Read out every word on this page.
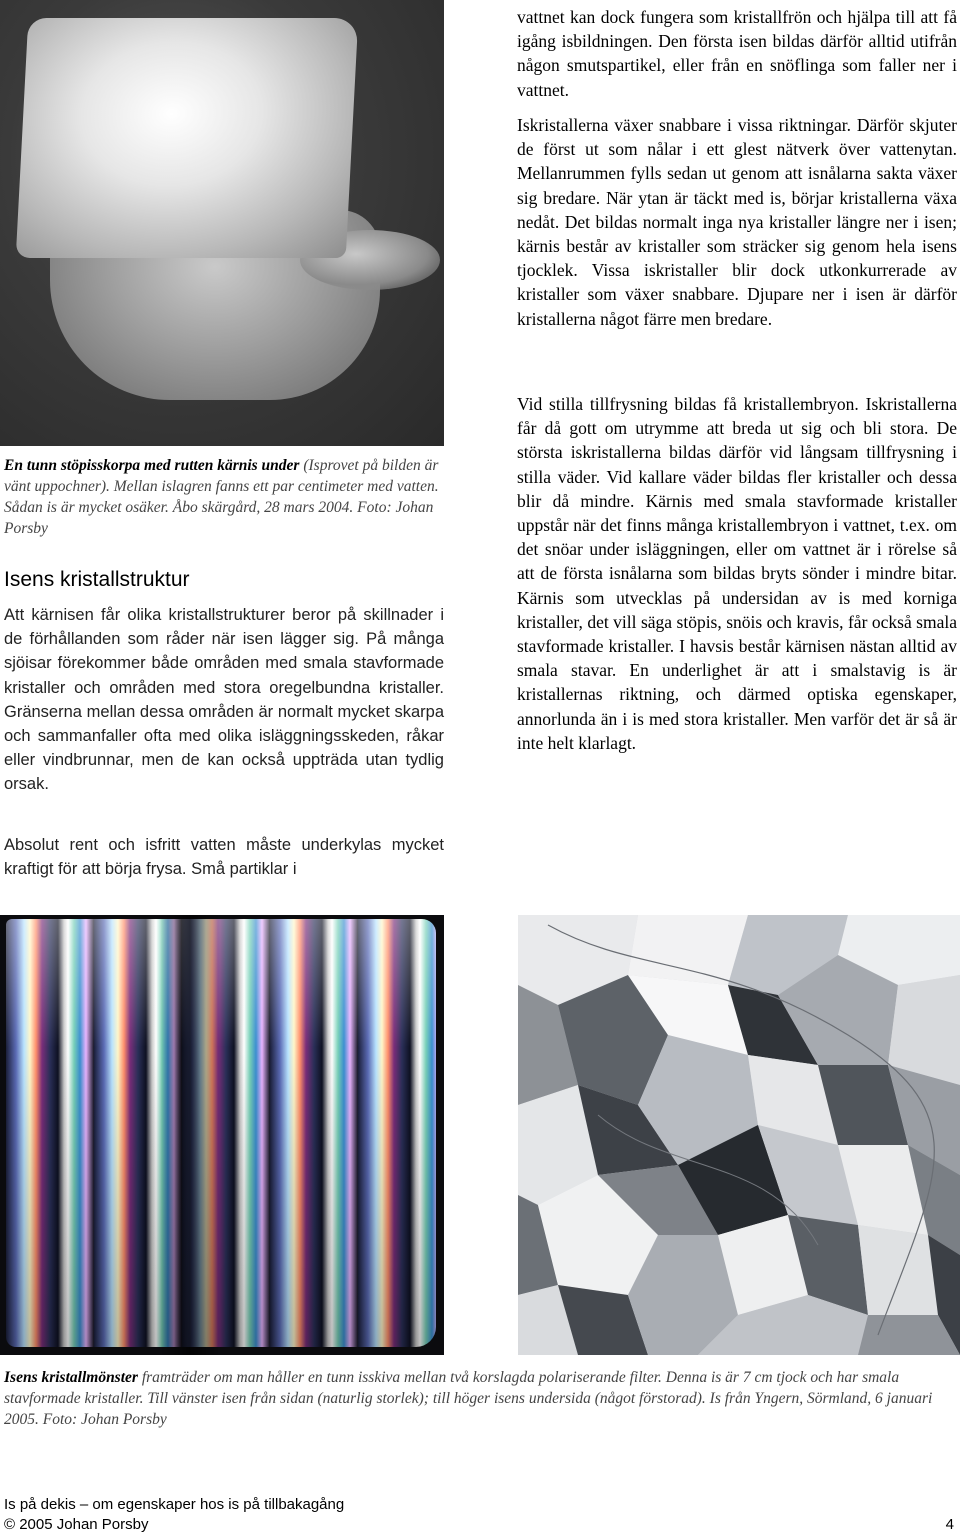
En tunn stöpisskorpa med rutten kärnis under (Isprovet på bilden är vänt uppochner). Mellan islagren fanns ett par centimeter med vatten. Sådan is är mycket osäker. Åbo skärgård, 28 mars 2004. Foto: Johan Porsby
Isens kristallstruktur
Att kärnisen får olika kristallstrukturer beror på skillnader i de förhållanden som råder när isen lägger sig. På många sjöisar förekommer både områden med smala stavformade kristaller och områden med stora oregelbundna kristaller. Gränserna mellan dessa områden är normalt mycket skarpa och sammanfaller ofta med olika isläggningsskeden, råkar eller vindbrunnar, men de kan också uppträda utan tydlig orsak.
Absolut rent och isfritt vatten måste underkylas mycket kraftigt för att börja frysa. Små partiklar i
vattnet kan dock fungera som kristallfrön och hjälpa till att få igång isbildningen. Den första isen bildas därför alltid utifrån någon smutspartikel, eller från en snöflinga som faller ner i vattnet.
Iskristallerna växer snabbare i vissa riktningar. Därför skjuter de först ut som nålar i ett glest nätverk över vattenytan. Mellanrummen fylls sedan ut genom att isnålarna sakta växer sig bredare. När ytan är täckt med is, börjar kristallerna växa nedåt. Det bildas normalt inga nya kristaller längre ner i isen; kärnis består av kristaller som sträcker sig genom hela isens tjocklek. Vissa iskristaller blir dock utkonkurrerade av kristaller som växer snabbare. Djupare ner i isen är därför kristallerna något färre men bredare.
Vid stilla tillfrysning bildas få kristallembryon. Iskristallerna får då gott om utrymme att breda ut sig och bli stora. De största iskristallerna bildas därför vid långsam tillfrysning i stilla väder. Vid kallare väder bildas fler kristaller och dessa blir då mindre. Kärnis med smala stavformade kristaller uppstår när det finns många kristallembryon i vattnet, t.ex. om det snöar under isläggningen, eller om vattnet är i rörelse så att de första isnålarna som bildas bryts sönder i mindre bitar. Kärnis som utvecklas på undersidan av is med korniga kristaller, det vill säga stöpis, snöis och kravis, får också smala stavformade kristaller. I havsis består kärnisen nästan alltid av smala stavar. En underlighet är att i smalstavig is är kristallernas riktning, och därmed optiska egenskaper, annorlunda än i is med stora kristaller. Men varför det är så är inte helt klarlagt.
Isens kristallmönster framträder om man håller en tunn isskiva mellan två korslagda polariserande filter. Denna is är 7 cm tjock och har smala stavformade kristaller. Till vänster isen från sidan (naturlig storlek); till höger isens undersida (något förstorad). Is från Yngern, Sörmland, 6 januari 2005. Foto: Johan Porsby
Is på dekis – om egenskaper hos is på tillbakagång
© 2005 Johan Porsby	4
